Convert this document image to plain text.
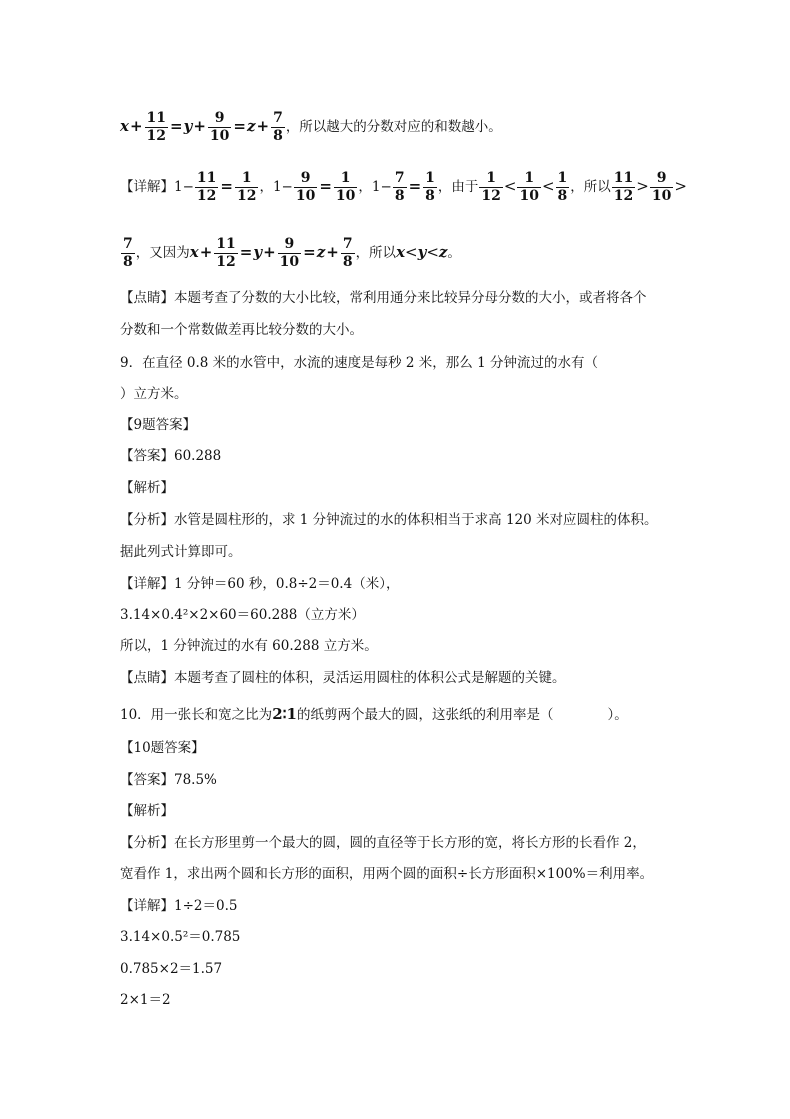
$x+ \frac{11}{12} =y+ \frac{9}{10} =z+ \frac{7}{8}$ ，所以越大的分数对应的和数越小。
【详解】$1- \frac{11}{12} = \frac{1}{12}$ ，$1- \frac{9}{10} = \frac{1}{10}$ ，$1- \frac{7}{8} = \frac{1}{8}$ ，由于 $\frac{1}{12} < \frac{1}{10} < \frac{1}{8}$ ，所以 $\frac{11}{12} > \frac{9}{10}$ >
$\frac{7}{8}$ ，又因为$x+ \frac{11}{12} =y+ \frac{9}{10} =z+ \frac{7}{8}$ ，所以x<y<z。
【点睛】本题考查了分数的大小比较，常利用通分来比较异分母分数的大小，或者将各个
分数和一个常数做差再比较分数的大小。
9．在直径 0.8 米的水管中，水流的速度是每秒 2 米，那么 1 分钟流过的水有（
）立方米。
【9题答案】
【答案】60.288
【解析】
【分析】水管是圆柱形的，求 1 分钟流过的水的体积相当于求高 120 米对应圆柱的体积。
据此列式计算即可。
【详解】1 分钟＝60 秒，0.8÷2＝0.4（米），
3.14×0.4²×2×60＝60.288（立方米）
所以，1 分钟流过的水有 60.288 立方米。
【点睛】本题考查了圆柱的体积，灵活运用圆柱的体积公式是解题的关键。
10．用一张长和宽之比为2∶1的纸剪两个最大的圆，这张纸的利用率是（　　　　）。
【10题答案】
【答案】78.5%
【解析】
【分析】在长方形里剪一个最大的圆，圆的直径等于长方形的宽，将长方形的长看作 2，
宽看作 1，求出两个圆和长方形的面积，用两个圆的面积÷长方形面积×100%＝利用率。
【详解】1÷2＝0.5
3.14×0.5²＝0.785
0.785×2＝1.57
2×1＝2
